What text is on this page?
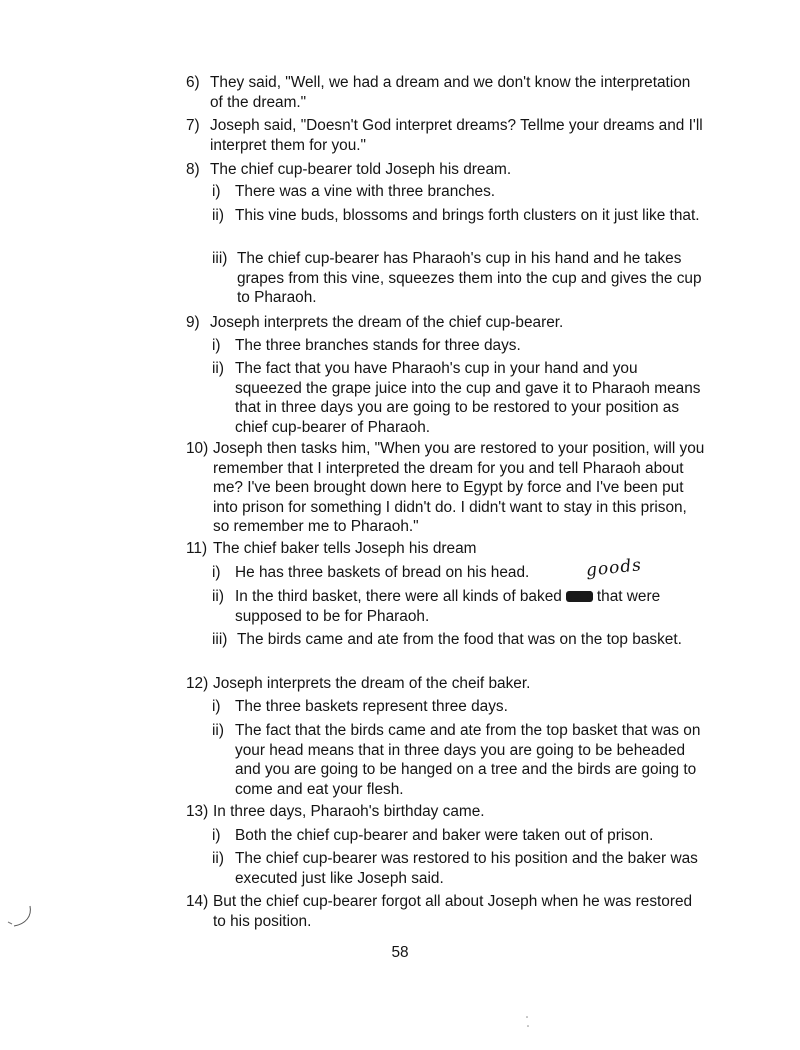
6) They said, "Well, we had a dream and we don't know the interpretation of the dream."
7) Joseph said, "Doesn't God interpret dreams? Tellme your dreams and I'll interpret them for you."
8) The chief cup-bearer told Joseph his dream.
i) There was a vine with three branches.
ii) This vine buds, blossoms and brings forth clusters on it just like that.
iii) The chief cup-bearer has Pharaoh's cup in his hand and he takes grapes from this vine, squeezes them into the cup and gives the cup to Pharaoh.
9) Joseph interprets the dream of the chief cup-bearer.
i) The three branches stands for three days.
ii) The fact that you have Pharaoh's cup in your hand and you squeezed the grape juice into the cup and gave it to Pharaoh means that in three days you are going to be restored to your position as chief cup-bearer of Pharaoh.
10) Joseph then tasks him, "When you are restored to your position, will you remember that I interpreted the dream for you and tell Pharaoh about me? I've been brought down here to Egypt by force and I've been put into prison for something I didn't do. I didn't want to stay in this prison, so remember me to Pharaoh."
11) The chief baker tells Joseph his dream
i) He has three baskets of bread on his head.
ii) In the third basket, there were all kinds of baked good that were supposed to be for Pharaoh.
iii) The birds came and ate from the food that was on the top basket.
12) Joseph interprets the dream of the cheif baker.
i) The three baskets represent three days.
ii) The fact that the birds came and ate from the top basket that was on your head means that in three days you are going to be beheaded and you are going to be hanged on a tree and the birds are going to come and eat your flesh.
13) In three days, Pharaoh's birthday came.
i) Both the chief cup-bearer and baker were taken out of prison.
ii) The chief cup-bearer was restored to his position and the baker was executed just like Joseph said.
14) But the chief cup-bearer forgot all about Joseph when he was restored to his position.
goods
58
